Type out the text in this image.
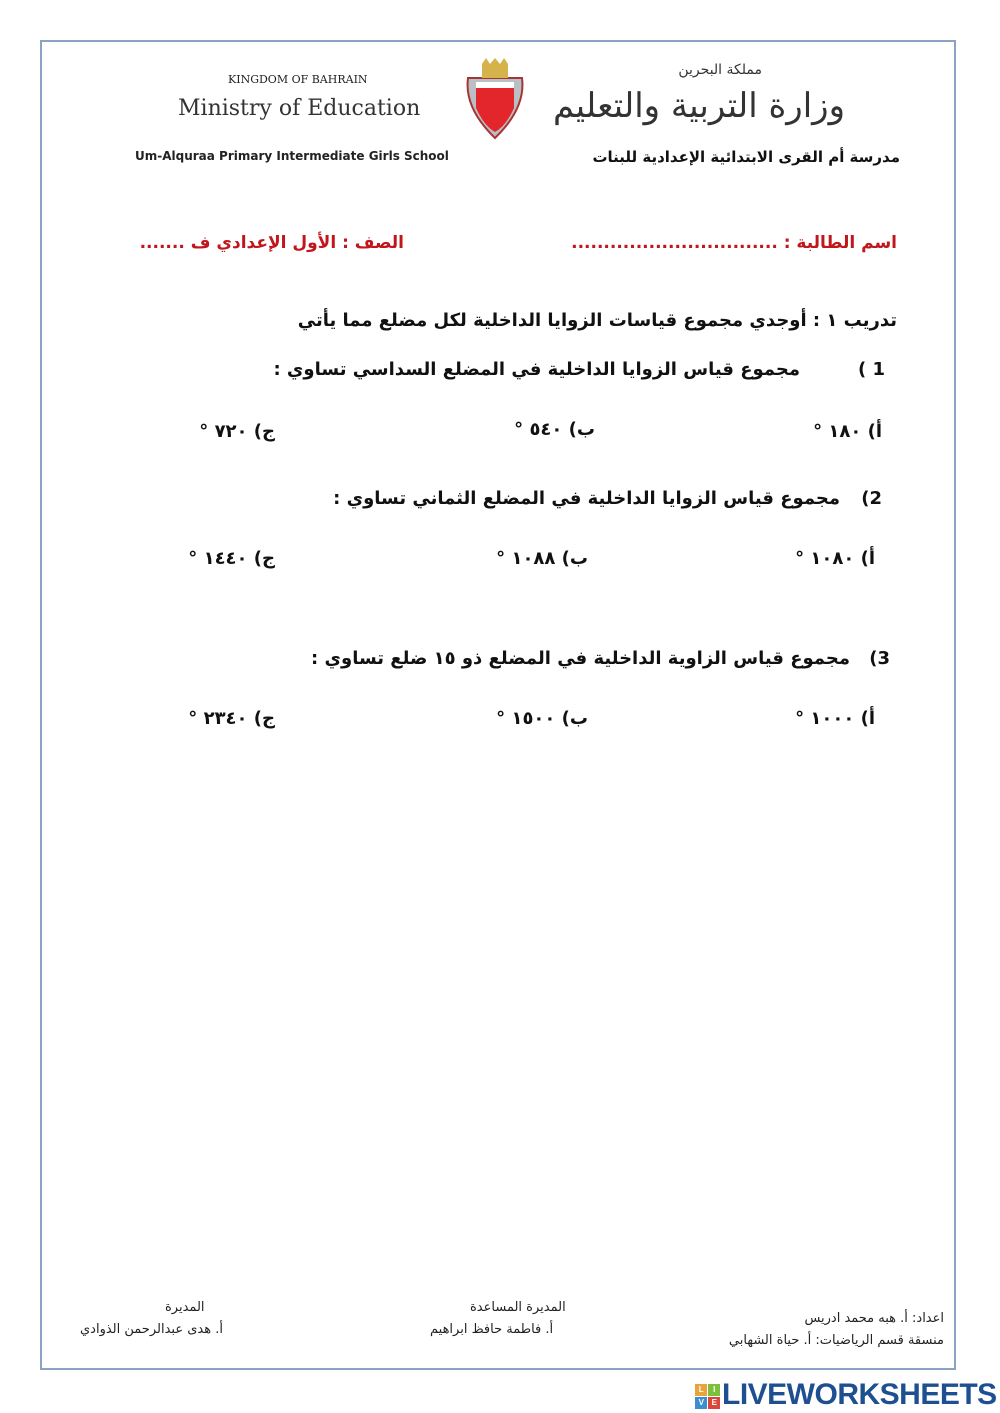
KINGDOM OF BAHRAIN
Ministry of Education
Um-Alquraa Primary Intermediate Girls School
مملكة البحرين
وزارة التربية والتعليم
مدرسة أم القرى الابتدائية الإعدادية للبنات
اسم الطالبة : ................................
الصف : الأول الإعدادي ف .......
تدريب ١ : أوجدي مجموع قياسات الزوايا الداخلية لكل مضلع مما يأتي
1 )
مجموع قياس الزوايا الداخلية في المضلع السداسي تساوي :
أ) ١٨٠ °
ب) ٥٤٠ °
ج) ٧٢٠ °
2)
مجموع قياس الزوايا الداخلية في المضلع الثماني تساوي :
أ) ١٠٨٠ °
ب) ١٠٨٨ °
ج) ١٤٤٠ °
3)
مجموع قياس الزاوية الداخلية في المضلع ذو ١٥ ضلع تساوي :
أ) ١٠٠٠ °
ب) ١٥٠٠ °
ج) ٢٣٤٠ °
اعداد: أ. هبه محمد ادريس
منسقة قسم الرياضيات: أ. حياة الشهابي
المديرة المساعدة
أ. فاطمة حافظ ابراهيم
المديرة
أ. هدى عبدالرحمن الذوادي
L	I
V	E LIVEWORKSHEETS
